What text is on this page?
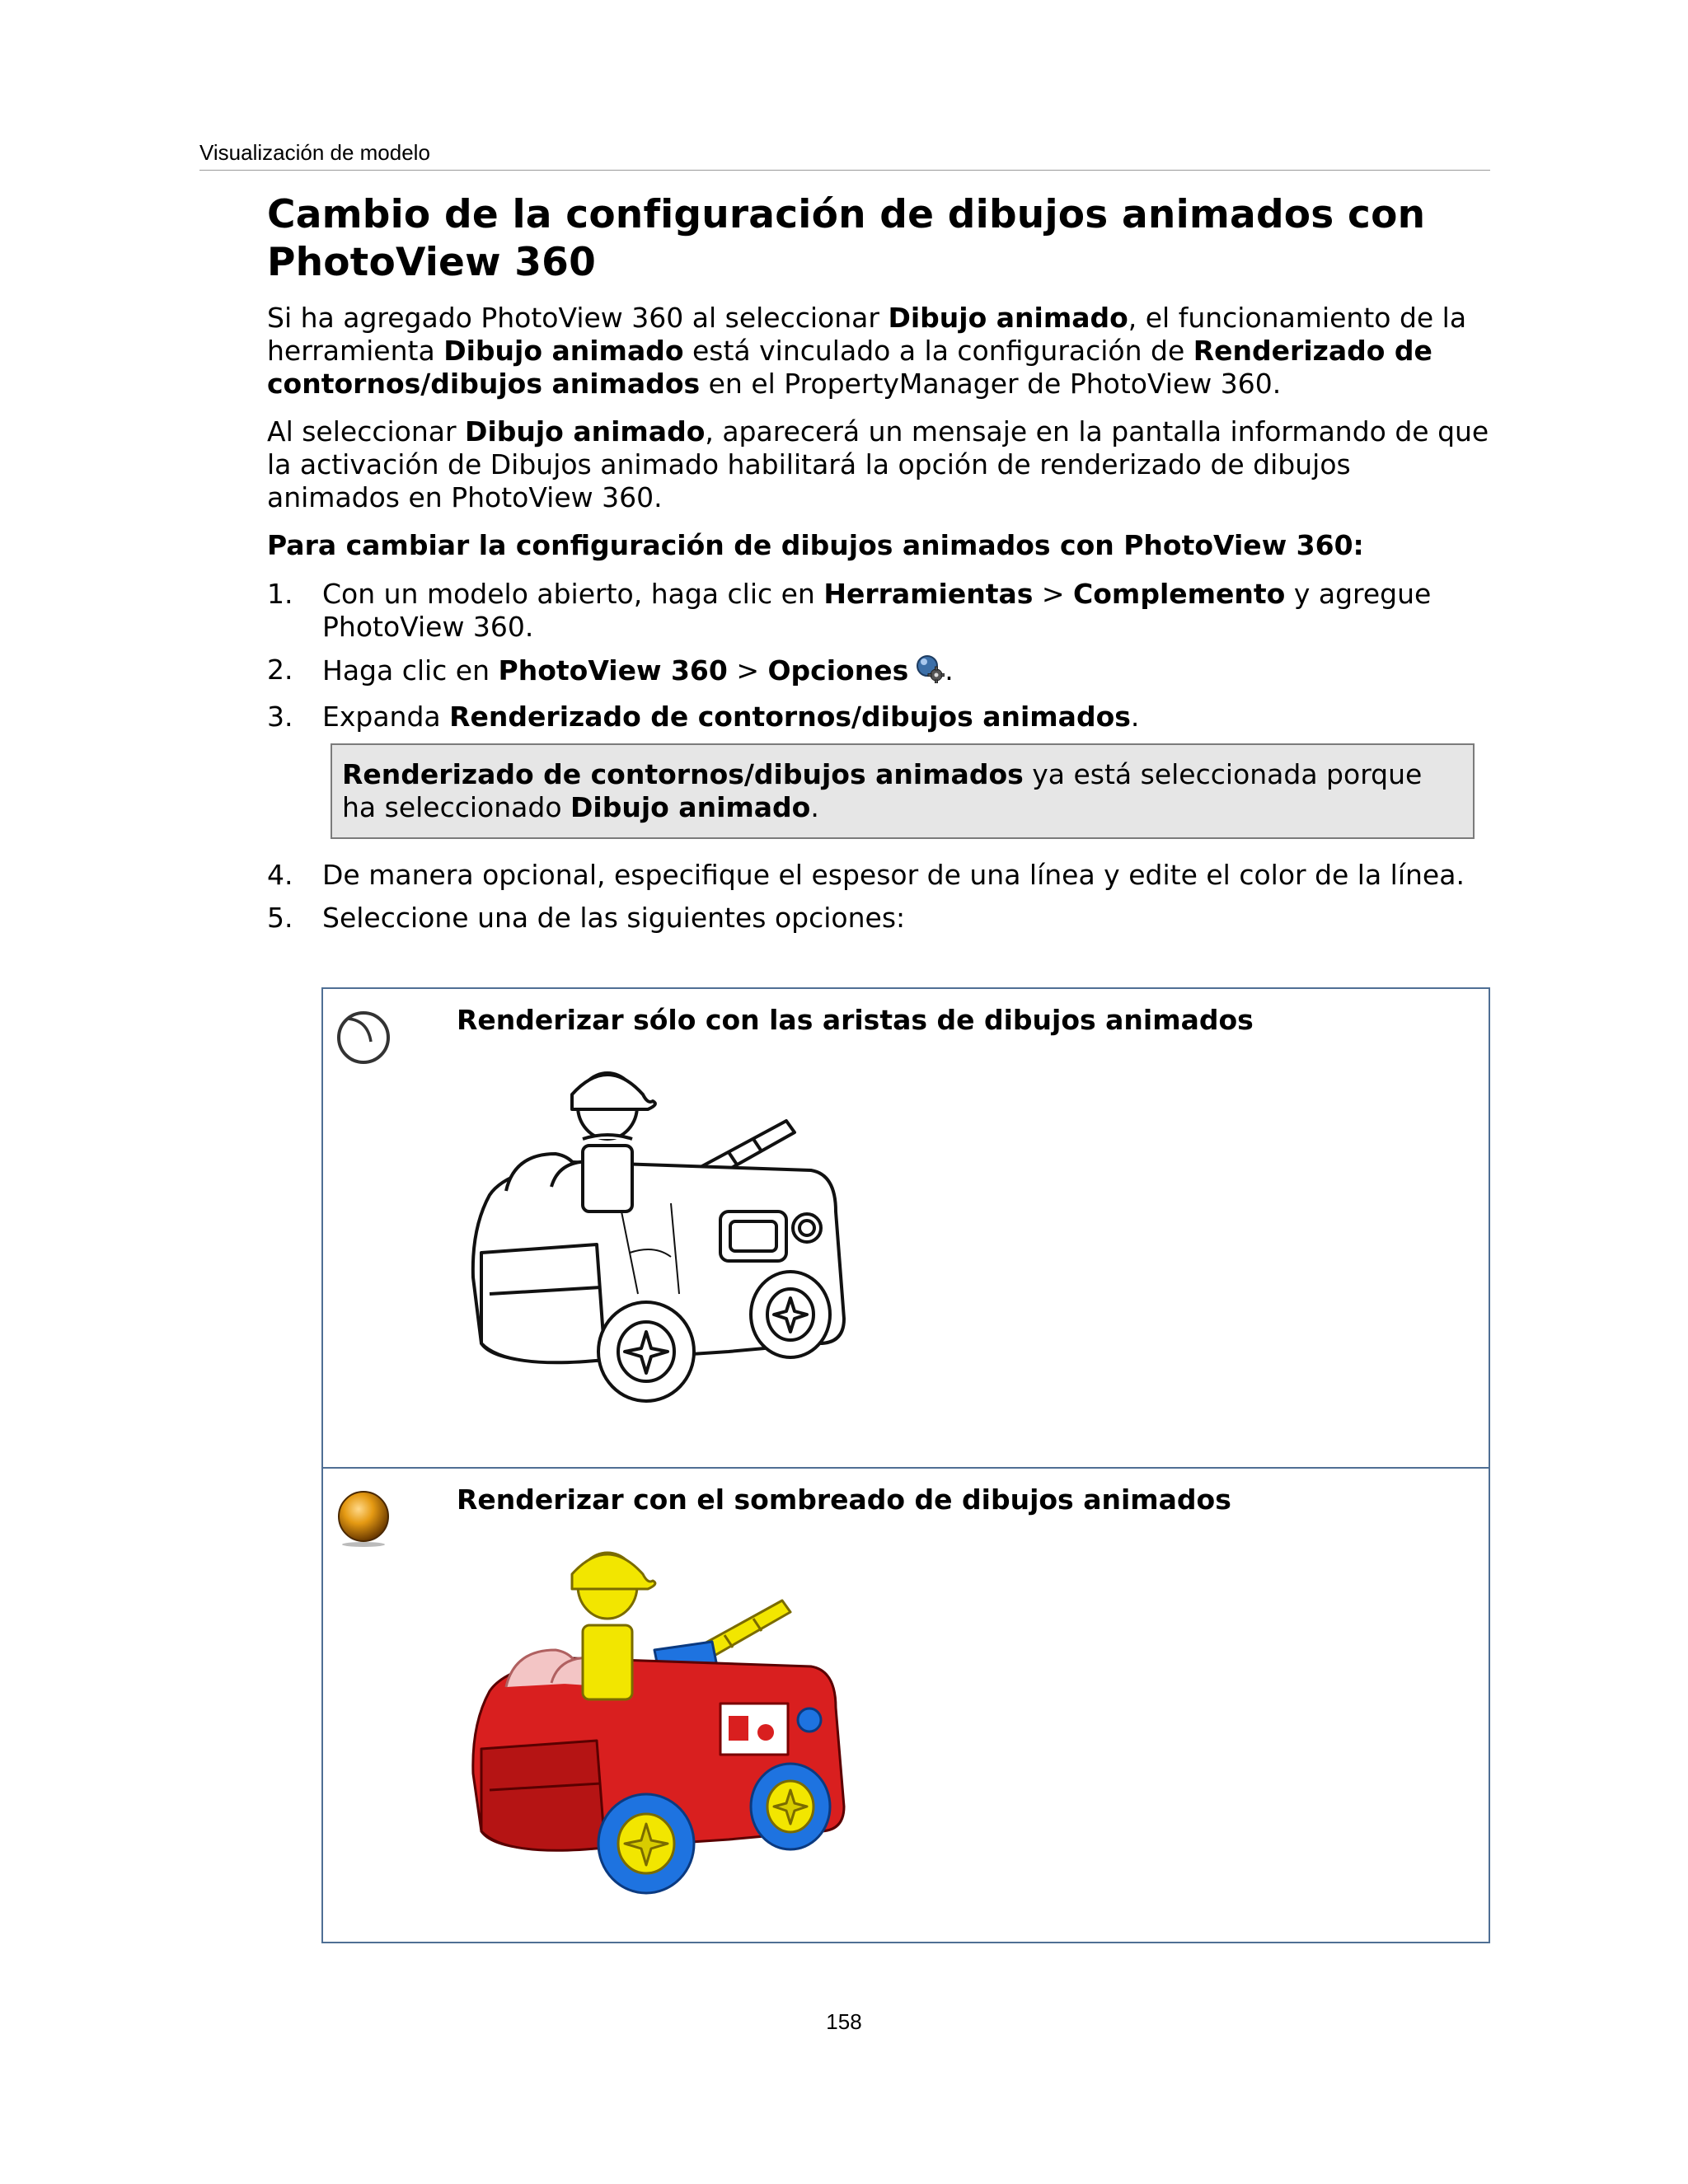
Visualización de modelo
Cambio de la configuración de dibujos animados con PhotoView 360

Si ha agregado PhotoView 360 al seleccionar Dibujo animado, el funcionamiento de la herramienta Dibujo animado está vinculado a la configuración de Renderizado de contornos/dibujos animados en el PropertyManager de PhotoView 360.

Al seleccionar Dibujo animado, aparecerá un mensaje en la pantalla informando de que la activación de Dibujos animado habilitará la opción de renderizado de dibujos animados en PhotoView 360.

Para cambiar la configuración de dibujos animados con PhotoView 360:
1. Con un modelo abierto, haga clic en Herramientas > Complemento y agregue PhotoView 360.
2. Haga clic en PhotoView 360 > Opciones .
3. Expanda Renderizado de contornos/dibujos animados.
Renderizado de contornos/dibujos animados ya está seleccionada porque ha seleccionado Dibujo animado.
4. De manera opcional, especifique el espesor de una línea y edite el color de la línea.
5. Seleccione una de las siguientes opciones:

Renderizar sólo con las aristas de dibujos animados

Renderizar con el sombreado de dibujos animados
158
